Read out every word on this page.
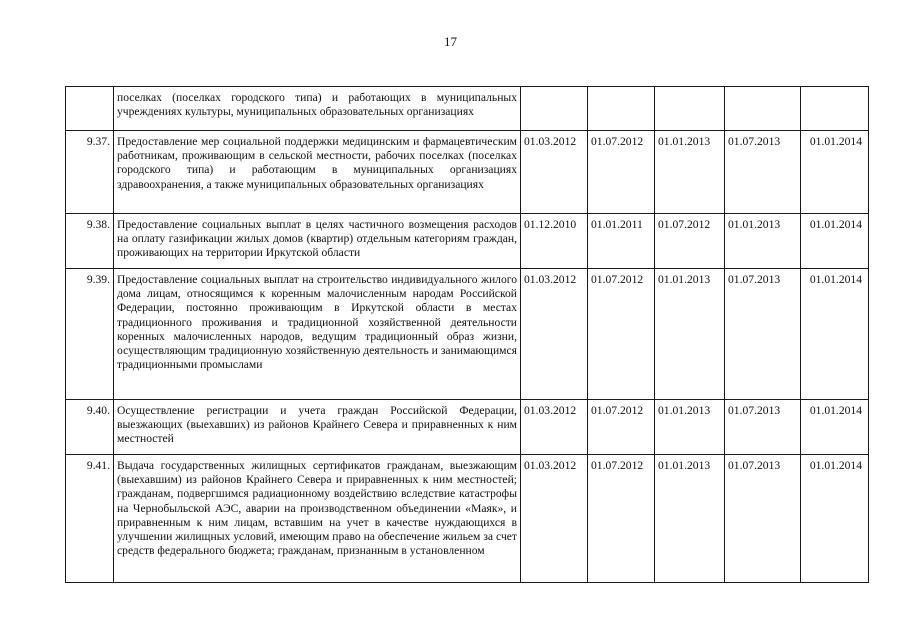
17

	поселках (поселках городского типа) и работающих в муниципальных учреждениях культуры, муниципальных образовательных организациях					

9.37.	Предоставление мер социальной поддержки медицинским и фармацевтическим работникам, проживающим в сельской местности, рабочих поселках (поселках городского типа) и работающим в муниципальных организациях здравоохранения, а также муниципальных образовательных организациях	01.03.2012	01.07.2012	01.01.2013	01.07.2013	01.01.2014
9.38.	Предоставление социальных выплат в целях частичного возмещения расходов на оплату газификации жилых домов (квартир) отдельным категориям граждан, проживающих на территории Иркутской области	01.12.2010	01.01.2011	01.07.2012	01.01.2013	01.01.2014
9.39.	Предоставление социальных выплат на строительство индивидуального жилого дома лицам, относящимся к коренным малочисленным народам Российской Федерации, постоянно проживающим в Иркутской области в местах традиционного проживания и традиционной хозяйственной деятельности коренных малочисленных народов, ведущим традиционный образ жизни, осуществляющим традиционную хозяйственную деятельность и занимающимся традиционными промыслами	01.03.2012	01.07.2012	01.01.2013	01.07.2013	01.01.2014
9.40.	Осуществление регистрации и учета граждан Российской Федерации, выезжающих (выехавших) из районов Крайнего Севера и приравненных к ним местностей	01.03.2012	01.07.2012	01.01.2013	01.07.2013	01.01.2014
9.41.	Выдача государственных жилищных сертификатов гражданам, выезжающим (выехавшим) из районов Крайнего Севера и приравненных к ним местностей; гражданам, подвергшимся радиационному воздействию вследствие катастрофы на Чернобыльской АЭС, аварии на производственном объединении «Маяк», и приравненным к ним лицам, вставшим на учет в качестве нуждающихся в улучшении жилищных условий, имеющим право на обеспечение жильем за счет средств федерального бюджета; гражданам, признанным в установленном	01.03.2012	01.07.2012	01.01.2013	01.07.2013	01.01.2014
